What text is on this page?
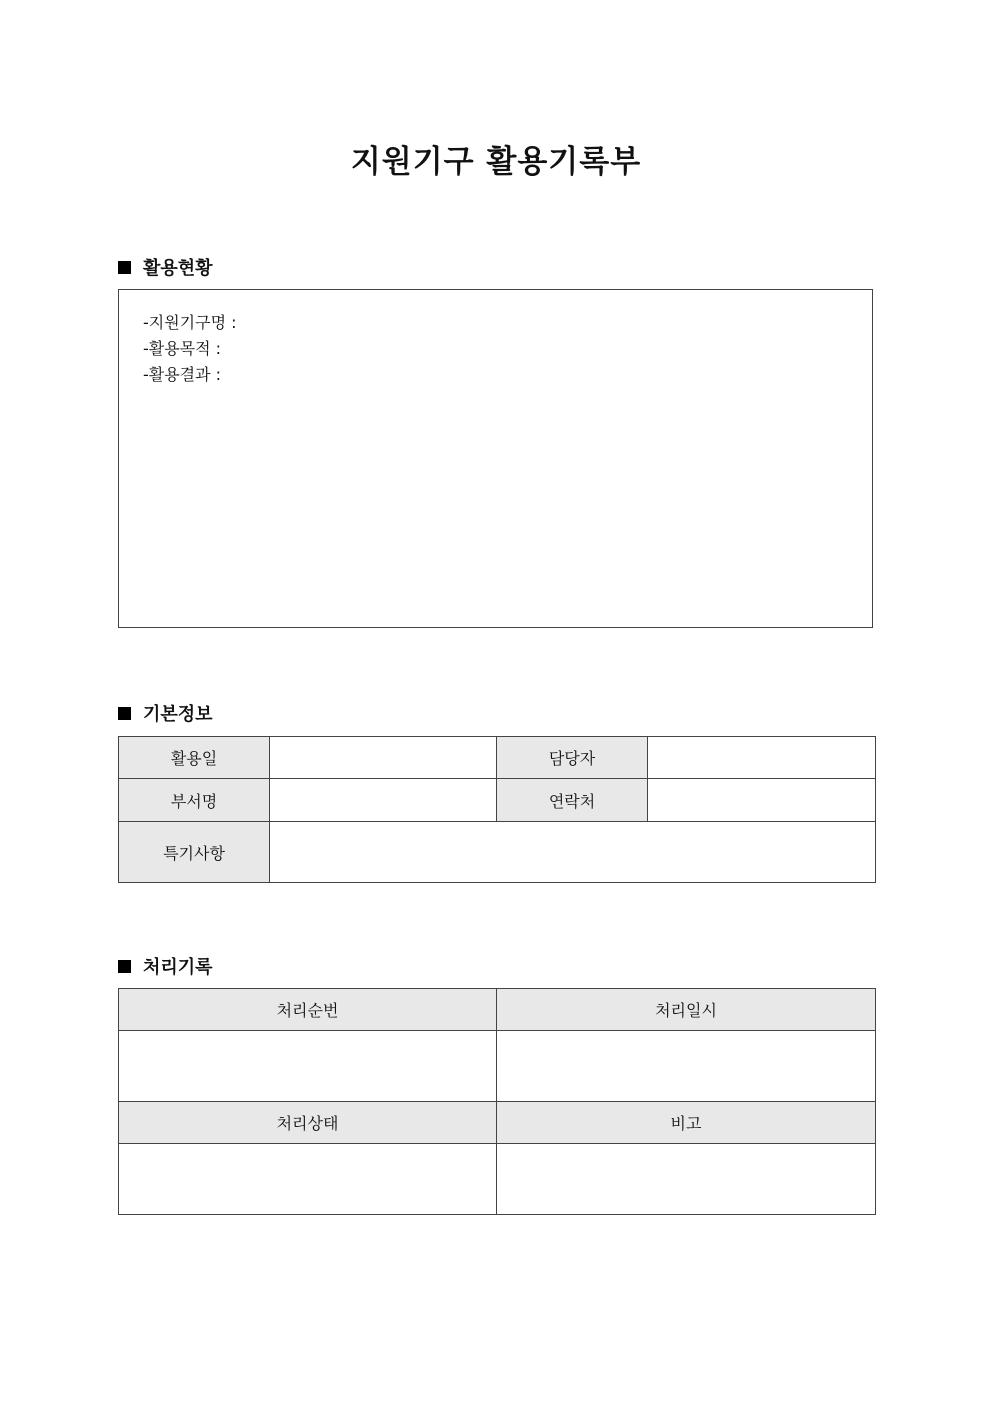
지원기구 활용기록부
활용현황

-지원기구명 :

-활용목적 :

-활용결과 :

기본정보
활용일		담당자	
부서명		연락처	
특기사항			
처리기록
처리순번	처리일시

처리상태	비고
